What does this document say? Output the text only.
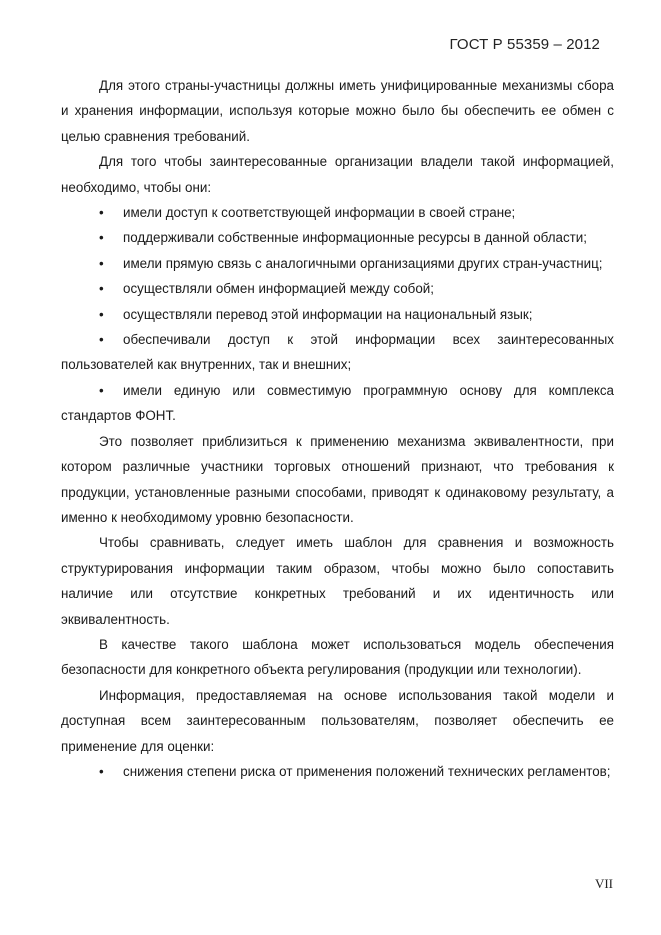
ГОСТ Р 55359 – 2012

Для этого страны-участницы должны иметь унифицированные механизмы сбора и хранения информации, используя которые можно было бы обеспечить ее обмен с целью сравнения требований.

Для того чтобы заинтересованные организации владели такой информацией, необходимо, чтобы они:

• имели доступ к соответствующей информации в своей стране;

• поддерживали собственные информационные ресурсы в данной области;

• имели прямую связь с аналогичными организациями других стран-участниц;

• осуществляли обмен информацией между собой;

• осуществляли перевод этой информации на национальный язык;

• обеспечивали доступ к этой информации всех заинтересованных пользователей как внутренних, так и внешних;

• имели единую или совместимую программную основу для комплекса стандартов ФОНТ.

Это позволяет приблизиться к применению механизма эквивалентности, при котором различные участники торговых отношений признают, что требования к продукции, установленные разными способами, приводят к одинаковому результату, а именно к необходимому уровню безопасности.

Чтобы сравнивать, следует иметь шаблон для сравнения и возможность структурирования информации таким образом, чтобы можно было сопоставить наличие или отсутствие конкретных требований и их идентичность или эквивалентность.

В качестве такого шаблона может использоваться модель обеспечения безопасности для конкретного объекта регулирования (продукции или технологии).

Информация, предоставляемая на основе использования такой модели и доступная всем заинтересованным пользователям, позволяет обеспечить ее применение для оценки:

• снижения степени риска от применения положений технических регламентов;

VII
